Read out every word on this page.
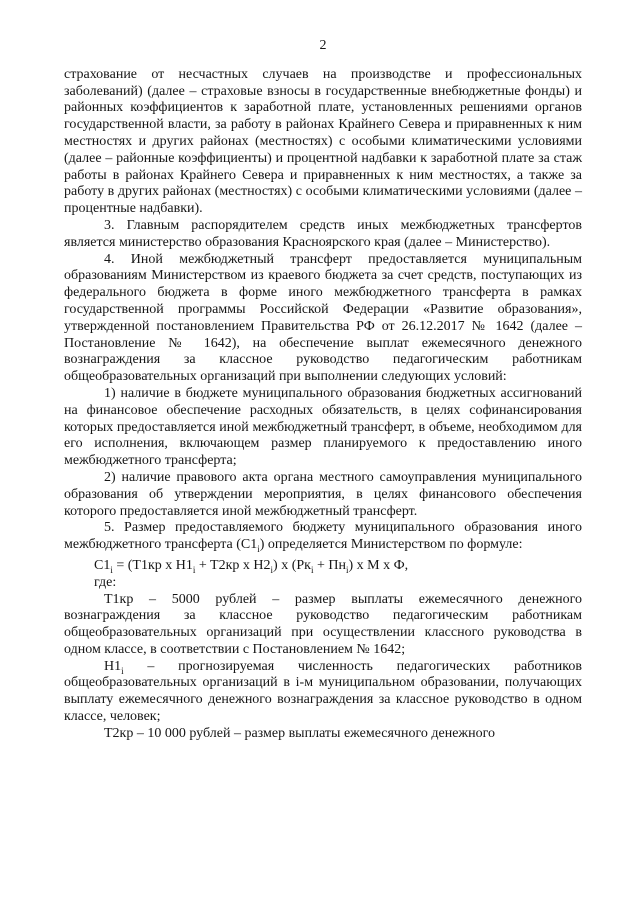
2

страхование от несчастных случаев на производстве и профессиональных заболеваний) (далее – страховые взносы в государственные внебюджетные фонды) и районных коэффициентов к заработной плате, установленных решениями органов государственной власти, за работу в районах Крайнего Севера и приравненных к ним местностях и других районах (местностях) с особыми климатическими условиями (далее – районные коэффициенты) и процентной надбавки к заработной плате за стаж работы в районах Крайнего Севера и приравненных к ним местностях, а также за работу в других районах (местностях) с особыми климатическими условиями (далее – процентные надбавки).

3. Главным распорядителем средств иных межбюджетных трансфертов является министерство образования Красноярского края (далее – Министерство).

4. Иной межбюджетный трансферт предоставляется муниципальным образованиям Министерством из краевого бюджета за счет средств, поступающих из федерального бюджета в форме иного межбюджетного трансферта в рамках государственной программы Российской Федерации «Развитие образования», утвержденной постановлением Правительства РФ от 26.12.2017 № 1642 (далее – Постановление № 1642), на обеспечение выплат ежемесячного денежного вознаграждения за классное руководство педагогическим работникам общеобразовательных организаций при выполнении следующих условий:

1) наличие в бюджете муниципального образования бюджетных ассигнований на финансовое обеспечение расходных обязательств, в целях софинансирования которых предоставляется иной межбюджетный трансферт, в объеме, необходимом для его исполнения, включающем размер планируемого к предоставлению иного межбюджетного трансферта;

2) наличие правового акта органа местного самоуправления муниципального образования об утверждении мероприятия, в целях финансового обеспечения которого предоставляется иной межбюджетный трансферт.

5. Размер предоставляемого бюджету муниципального образования иного межбюджетного трансферта $(C1_i)$ определяется Министерством по формуле:

$C1_i = (T1кр$ x $H1_i + T2кр$ x $H2_i$) x $(Pк_i + Пн_i)$ x M x Ф,

где:

T1кр – 5000 рублей – размер выплаты ежемесячного денежного вознаграждения за классное руководство педагогическим работникам общеобразовательных организаций при осуществлении классного руководства в одном классе, в соответствии с Постановлением № 1642;

$H1_i$ – прогнозируемая численность педагогических работников общеобразовательных организаций в i-м муниципальном образовании, получающих выплату ежемесячного денежного вознаграждения за классное руководство в одном классе, человек;

T2кр – 10 000 рублей – размер выплаты ежемесячного денежного
